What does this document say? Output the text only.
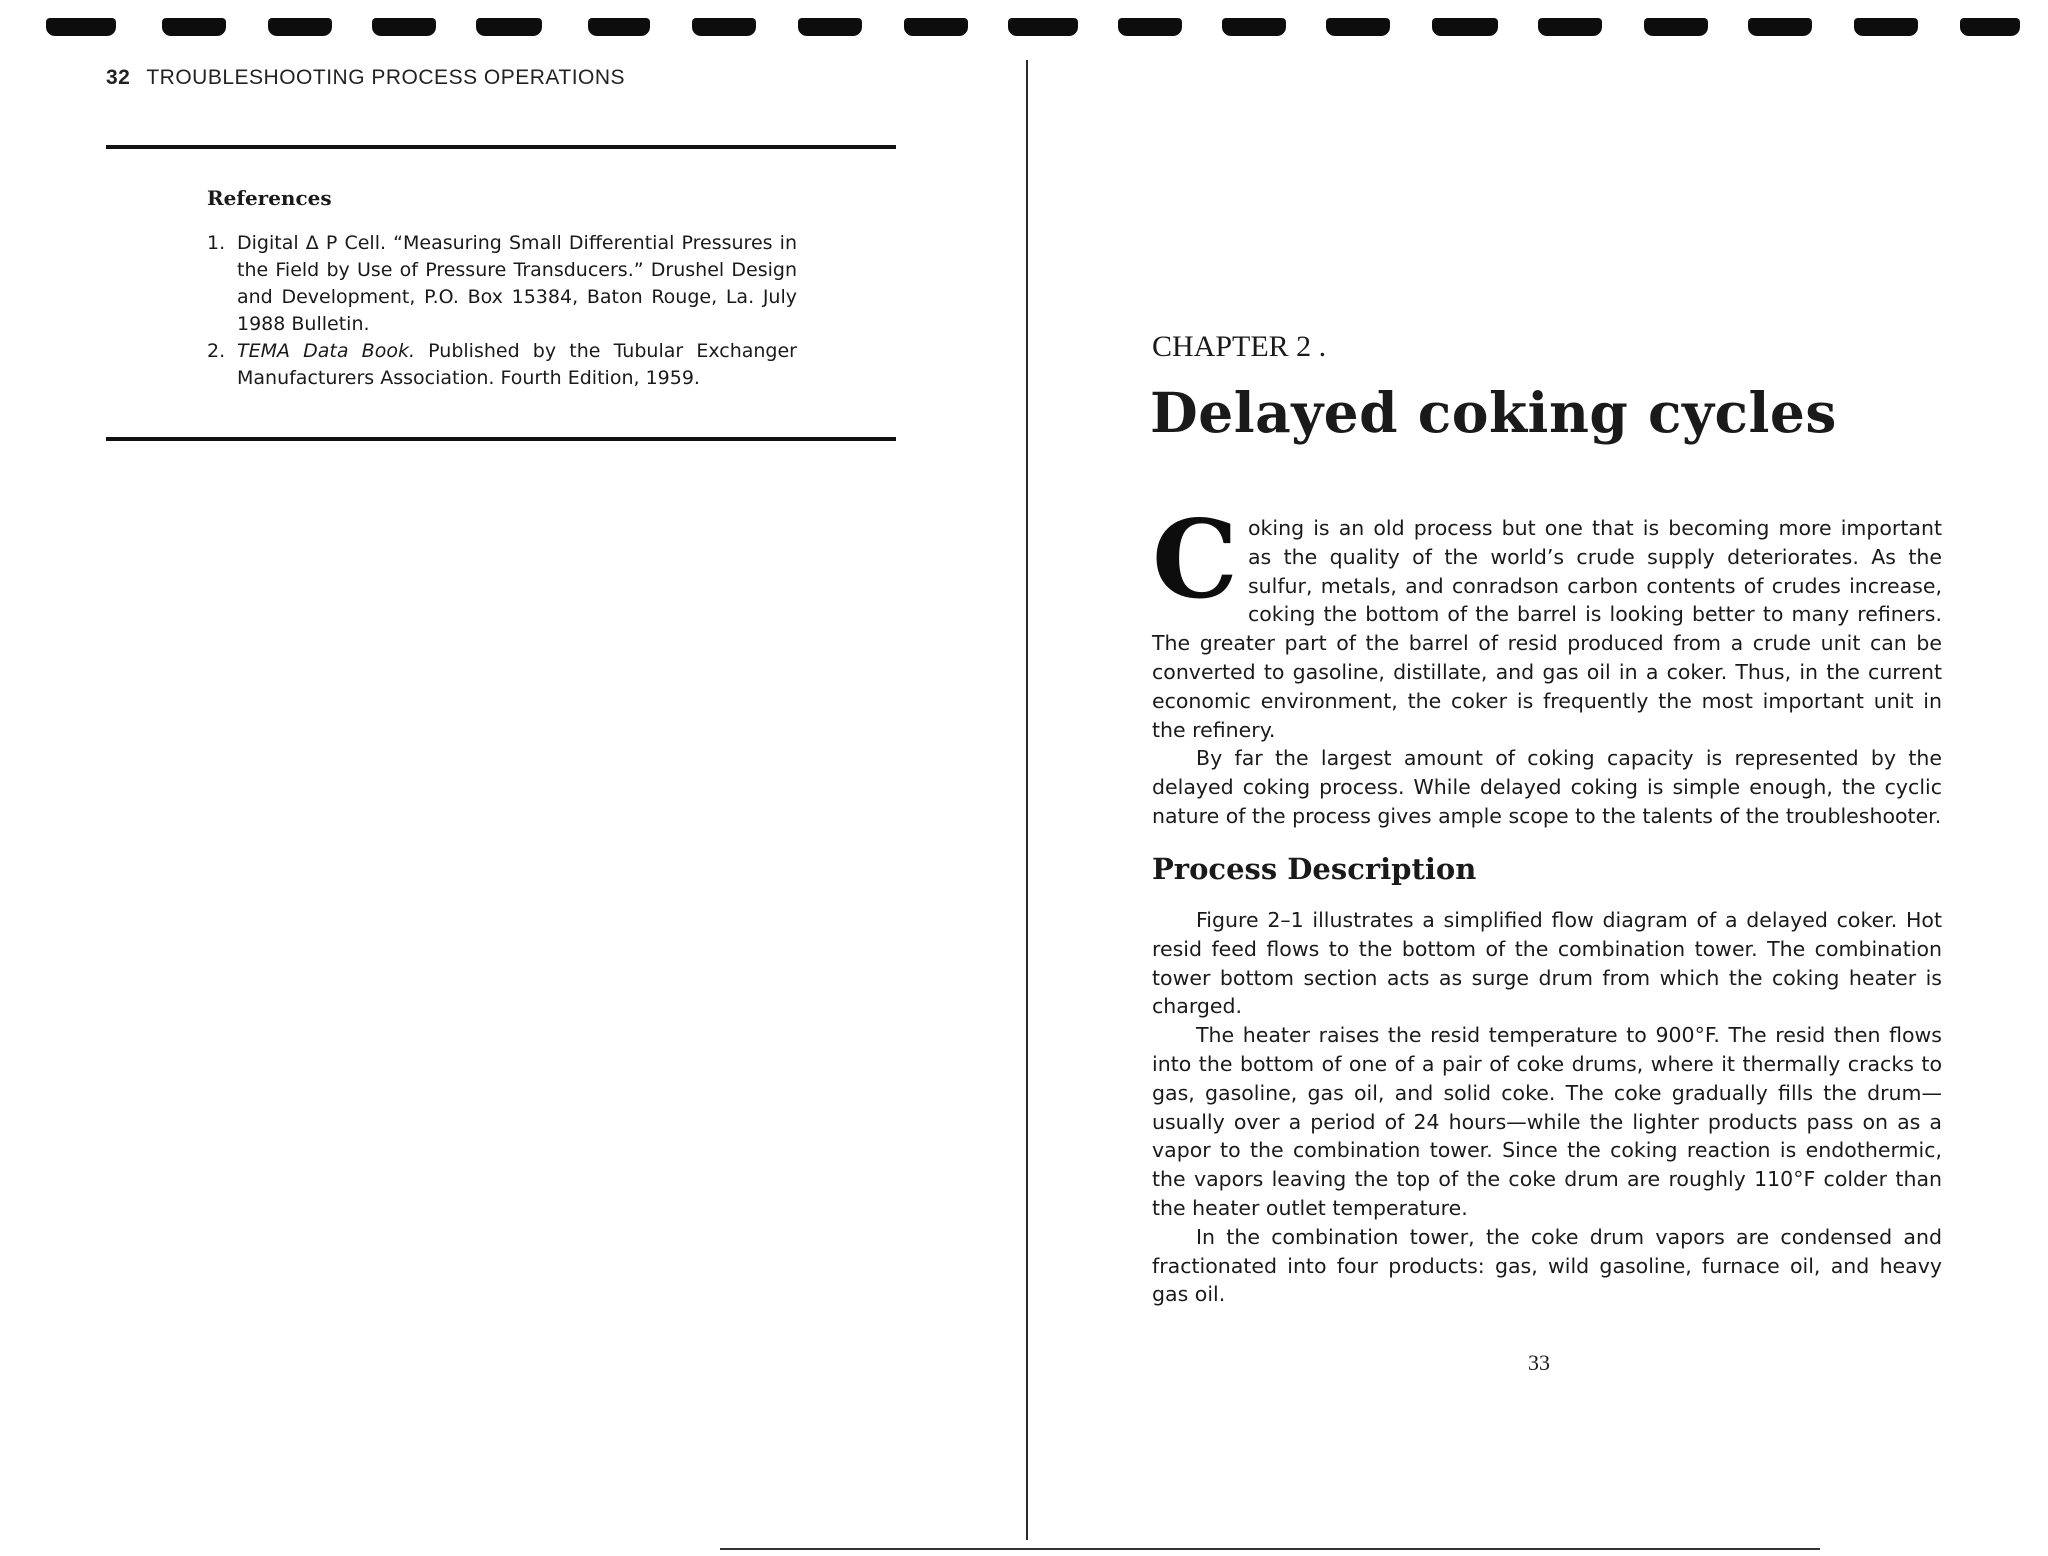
32 TROUBLESHOOTING PROCESS OPERATIONS
References
1. Digital Δ P Cell. “Measuring Small Differential Pressures in the Field by Use of Pressure Transducers.” Drushel Design and Development, P.O. Box 15384, Baton Rouge, La. July 1988 Bulletin.
2. TEMA Data Book. Published by the Tubular Exchanger Manufacturers Association. Fourth Edition, 1959.
CHAPTER 2 .
Delayed coking cycles

Coking is an old process but one that is becoming more important as the quality of the world’s crude supply deteriorates. As the sulfur, metals, and conradson carbon contents of crudes increase, coking the bottom of the barrel is looking better to many refiners. The greater part of the barrel of resid produced from a crude unit can be converted to gasoline, distillate, and gas oil in a coker. Thus, in the current economic environment, the coker is frequently the most important unit in the refinery.

By far the largest amount of coking capacity is represented by the delayed coking process. While delayed coking is simple enough, the cyclic nature of the process gives ample scope to the talents of the troubleshooter.

Process Description

Figure 2–1 illustrates a simplified flow diagram of a delayed coker. Hot resid feed flows to the bottom of the combination tower. The combination tower bottom section acts as surge drum from which the coking heater is charged.

The heater raises the resid temperature to 900°F. The resid then flows into the bottom of one of a pair of coke drums, where it thermally cracks to gas, gasoline, gas oil, and solid coke. The coke gradually fills the drum—usually over a period of 24 hours—while the lighter products pass on as a vapor to the combination tower. Since the coking reaction is endothermic, the vapors leaving the top of the coke drum are roughly 110°F colder than the heater outlet temperature.

In the combination tower, the coke drum vapors are condensed and fractionated into four products: gas, wild gasoline, furnace oil, and heavy gas oil.

33
